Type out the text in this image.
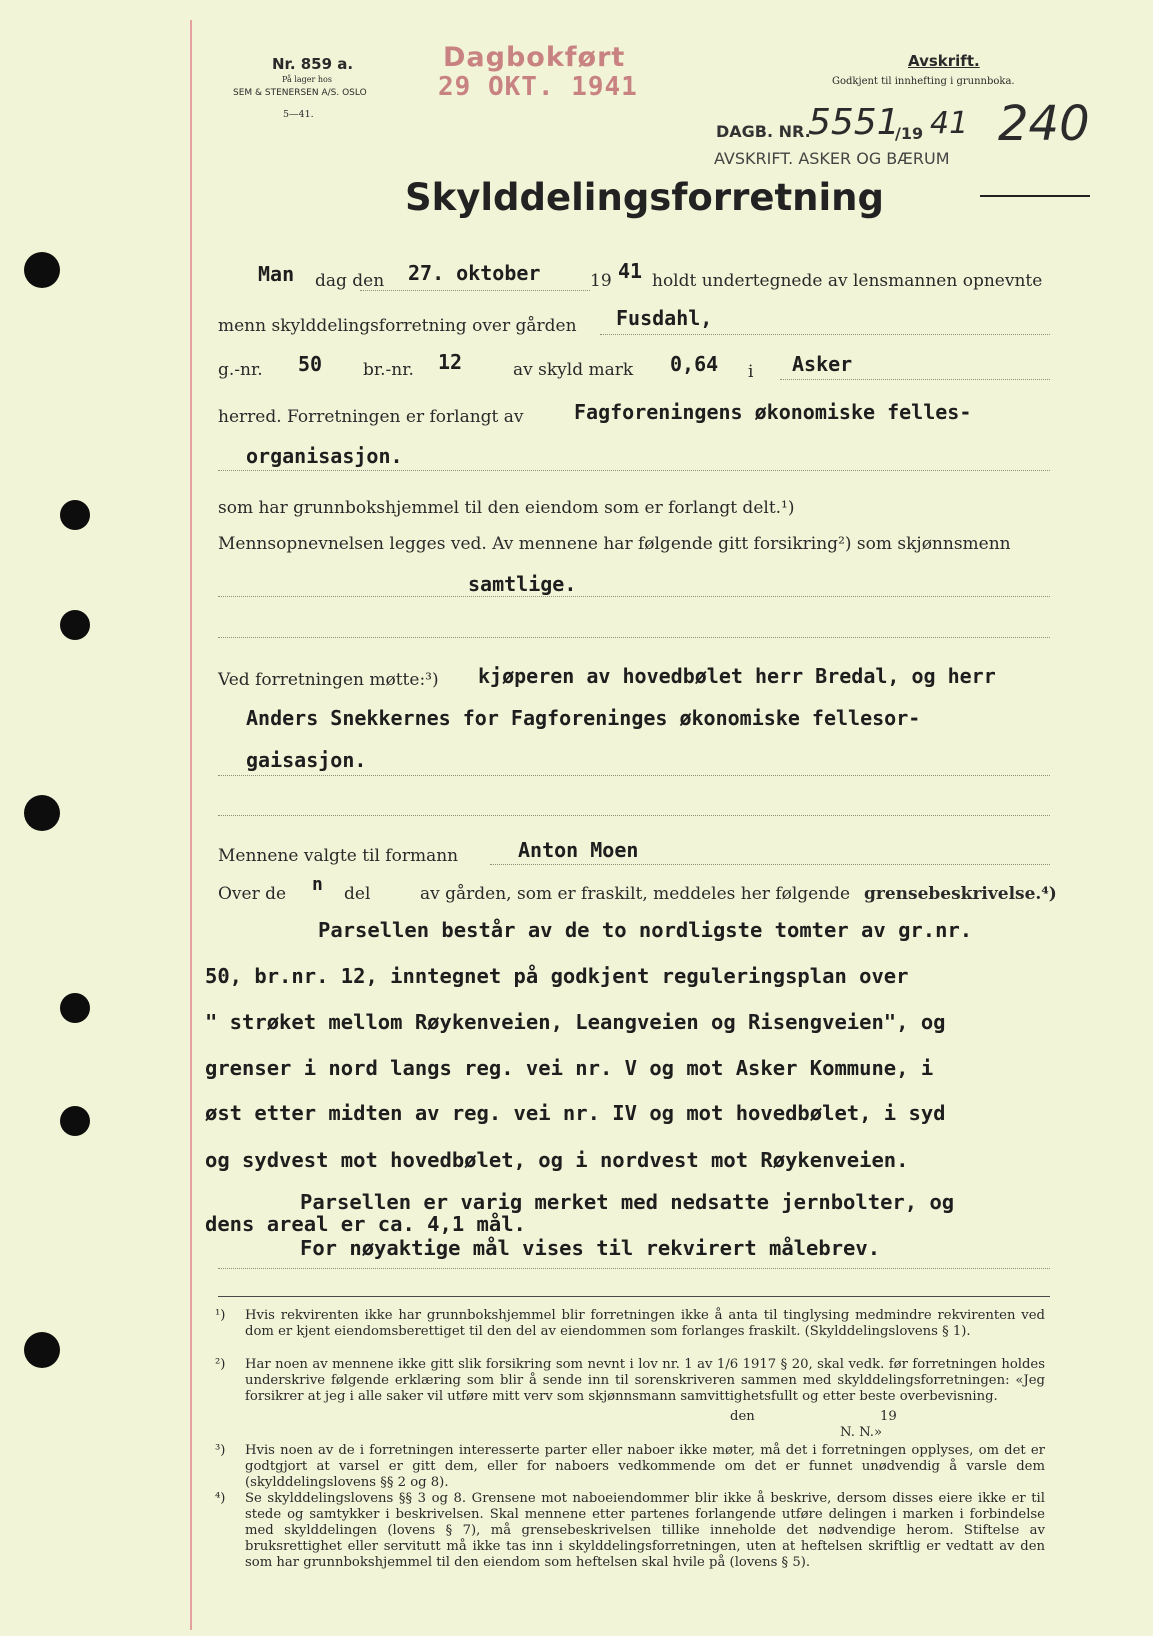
Nr. 859 a.
På lager hos
SEM & STENERSEN A/S. OSLO
5—41.
Dagbokført
29 OKT. 1941
Avskrift.
Godkjent til innhefting i grunnboka.
DAGB. NR.
5551
/19 41 240
AVSKRIFT. ASKER OG BÆRUM
Skylddelingsforretning
Man dag den 27. oktober	19 41 holdt undertegnede av lensmannen opnevnte
menn skylddelingsforretning over gården Fusdahl,
g.-nr. 50 br.-nr. 12	av skyld mark 0,64 i Asker
herred. Forretningen er forlangt av	Fagforeningens økonomiske felles-
organisasjon.
som har grunnbokshjemmel til den eiendom som er forlangt delt.¹)
Mennsopnevnelsen legges ved. Av mennene har følgende gitt forsikring²) som skjønnsmenn
samtlige.
Ved forretningen møtte:³) kjøperen av hovedbølet herr Bredal, og herr
Anders Snekkernes for Fagforeninges økonomiske fellesor-
gaisasjon.
Mennene valgte til formann	Anton Moen
Over de n del	av gården, som er fraskilt, meddeles her følgende grensebeskrivelse.⁴)
Parsellen består av de to nordligste tomter av gr.nr.
50, br.nr. 12, inntegnet på godkjent reguleringsplan over
" strøket mellom Røykenveien, Leangveien og Risengveien", og
grenser i nord langs reg. vei nr. V og mot Asker Kommune, i
øst etter midten av reg. vei nr. IV og mot hovedbølet, i syd
og sydvest mot hovedbølet, og i nordvest mot Røykenveien.
Parsellen er varig merket med nedsatte jernbolter, og
dens areal er ca. 4,1 mål.
For nøyaktige mål vises til rekvirert målebrev.
¹) Hvis rekvirenten ikke har grunnbokshjemmel blir forretningen ikke å anta til tinglysing medmindre rekvirenten ved dom er kjent eiendomsberettiget til den del av eiendommen som forlanges fraskilt. (Skylddelingslovens § 1).
²) Har noen av mennene ikke gitt slik forsikring som nevnt i lov nr. 1 av 1/6 1917 § 20, skal vedk. før forretningen holdes underskrive følgende erklæring som blir å sende inn til sorenskriveren sammen med skylddelingsforretningen: «Jeg forsikrer at jeg i alle saker vil utføre mitt verv som skjønnsmann samvittighetsfullt og etter beste overbevisning.
den	19
N. N.»
³) Hvis noen av de i forretningen interesserte parter eller naboer ikke møter, må det i forretningen opplyses, om det er godtgjort at varsel er gitt dem, eller for naboers vedkommende om det er funnet unødvendig å varsle dem (skylddelingslovens §§ 2 og 8).
⁴) Se skylddelingslovens §§ 3 og 8. Grensene mot naboeiendommer blir ikke å beskrive, dersom disses eiere ikke er til stede og samtykker i beskrivelsen. Skal mennene etter partenes forlangende utføre delingen i marken i forbindelse med skylddelingen (lovens § 7), må grensebeskrivelsen tillike inneholde det nødvendige herom. Stiftelse av bruksrettighet eller servitutt må ikke tas inn i skylddelingsforretningen, uten at heftelsen skriftlig er vedtatt av den som har grunnbokshjemmel til den eiendom som heftelsen skal hvile på (lovens § 5).
